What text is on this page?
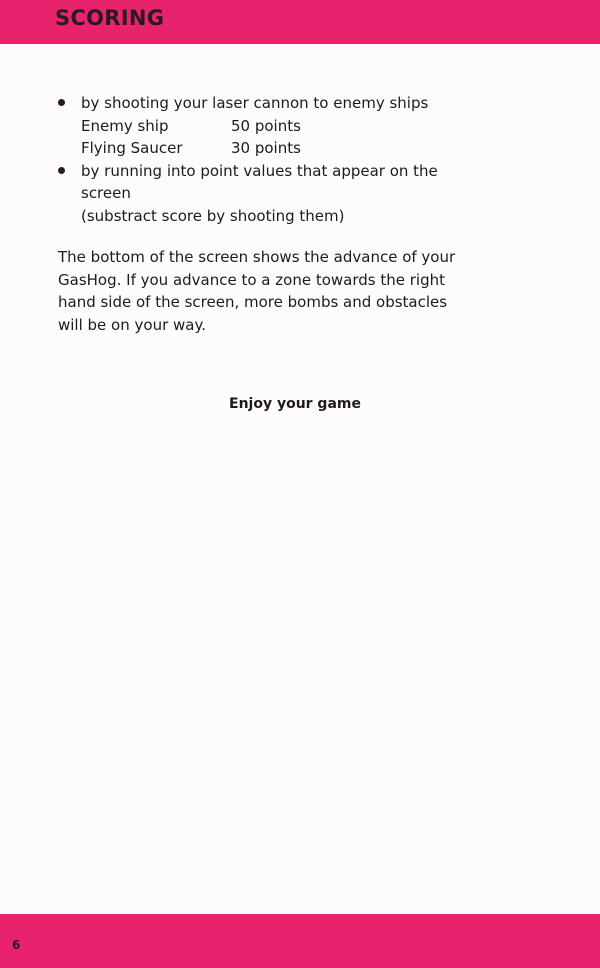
SCORING
by shooting your laser cannon to enemy ships
Enemy ship	50 points
Flying Saucer	30 points
by running into point values that appear on the
screen
(substract score by shooting them)

The bottom of the screen shows the advance of your
GasHog. If you advance to a zone towards the right
hand side of the screen, more bombs and obstacles
will be on your way.

Enjoy your game

6
